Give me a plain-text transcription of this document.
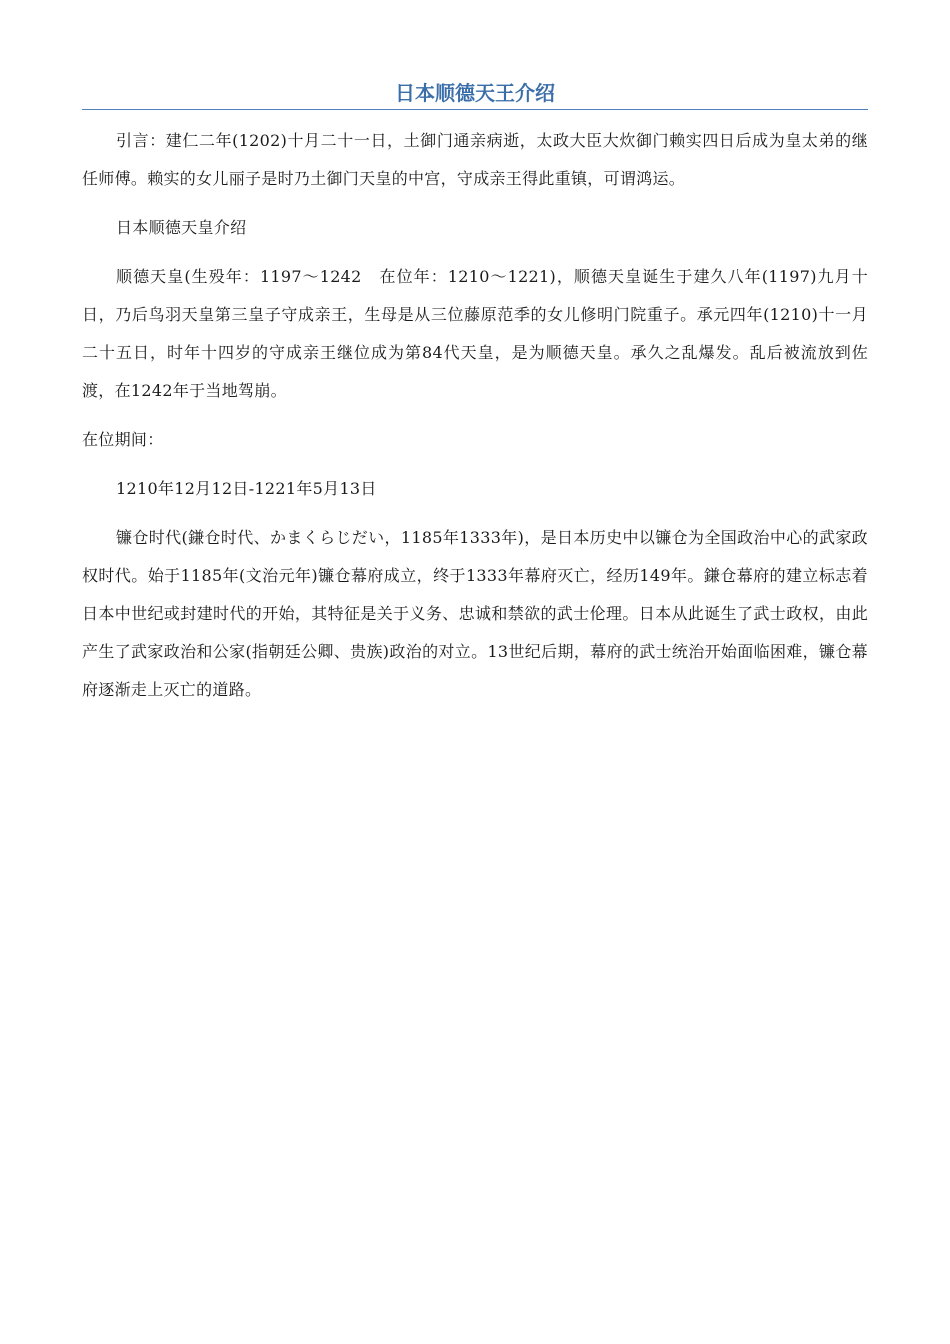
日本顺德天王介绍

引言：建仁二年(1202)十月二十一日，土御门通亲病逝，太政大臣大炊御门赖实四日后成为皇太弟的继任师傅。赖实的女儿丽子是时乃土御门天皇的中宫，守成亲王得此重镇，可谓鸿运。

日本顺德天皇介绍

顺德天皇(生殁年：1197～1242　在位年：1210～1221)，顺德天皇诞生于建久八年(1197)九月十日，乃后鸟羽天皇第三皇子守成亲王，生母是从三位藤原范季的女儿修明门院重子。承元四年(1210)十一月二十五日，时年十四岁的守成亲王继位成为第84代天皇，是为顺德天皇。承久之乱爆发。乱后被流放到佐渡，在1242年于当地驾崩。

在位期间：

1210年12月12日-1221年5月13日

镰仓时代(鎌仓时代、かまくらじだい，1185年1333年)，是日本历史中以镰仓为全国政治中心的武家政权时代。始于1185年(文治元年)镰仓幕府成立，终于1333年幕府灭亡，经历149年。鎌仓幕府的建立标志着日本中世纪或封建时代的开始，其特征是关于义务、忠诚和禁欲的武士伦理。日本从此诞生了武士政权，由此产生了武家政治和公家(指朝廷公卿、贵族)政治的对立。13世纪后期，幕府的武士统治开始面临困难，镰仓幕府逐渐走上灭亡的道路。
